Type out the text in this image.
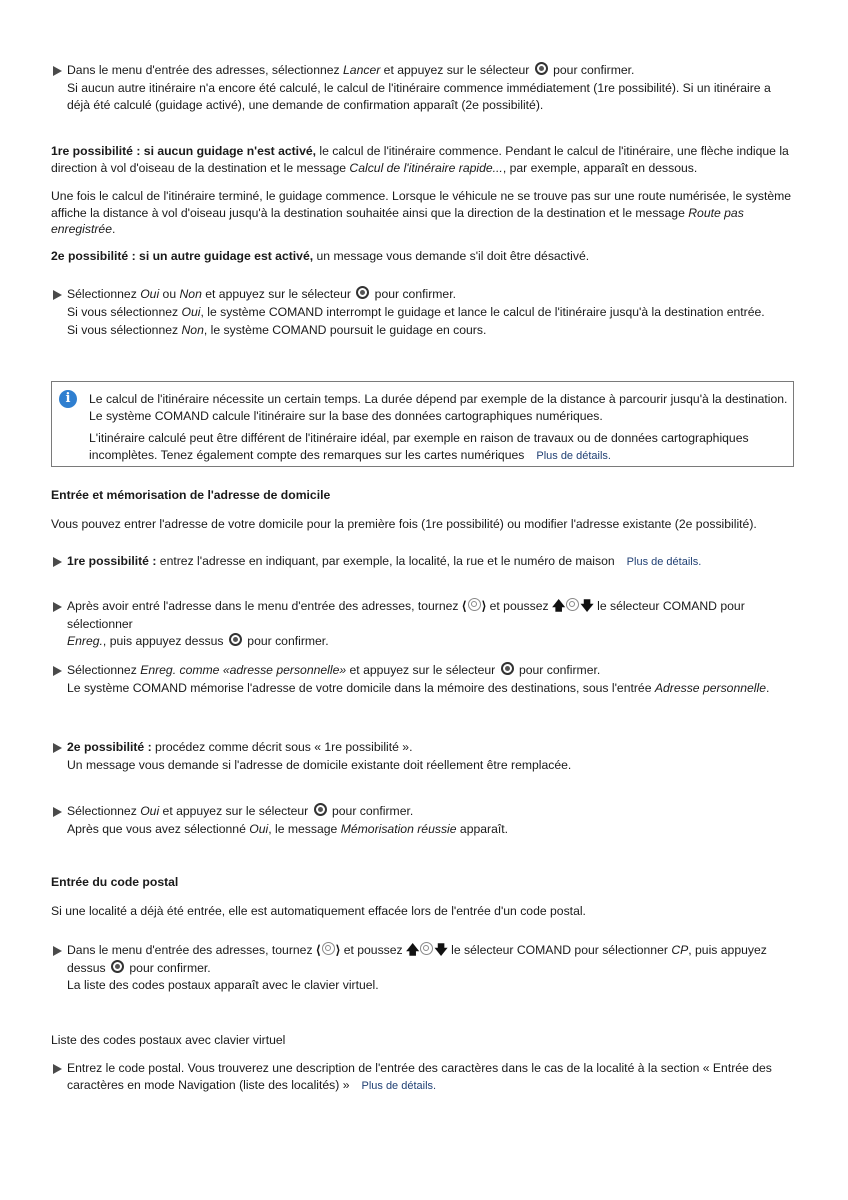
Dans le menu d'entrée des adresses, sélectionnez Lancer et appuyez sur le sélecteur  pour confirmer.

Si aucun autre itinéraire n'a encore été calculé, le calcul de l'itinéraire commence immédiatement (1re possibilité). Si un itinéraire a déjà été calculé (guidage activé), une demande de confirmation apparaît (2e possibilité).

1re possibilité : si aucun guidage n'est activé, le calcul de l'itinéraire commence. Pendant le calcul de l'itinéraire, une flèche indique la direction à vol d'oiseau de la destination et le message Calcul de l'itinéraire rapide..., par exemple, apparaît en dessous.

Une fois le calcul de l'itinéraire terminé, le guidage commence. Lorsque le véhicule ne se trouve pas sur une route numérisée, le système affiche la distance à vol d'oiseau jusqu'à la destination souhaitée ainsi que la direction de la destination et le message Route pas enregistrée.

2e possibilité : si un autre guidage est activé, un message vous demande s'il doit être désactivé.

Sélectionnez Oui ou Non et appuyez sur le sélecteur  pour confirmer.

Si vous sélectionnez Oui, le système COMAND interrompt le guidage et lance le calcul de l'itinéraire jusqu'à la destination entrée.

Si vous sélectionnez Non, le système COMAND poursuit le guidage en cours.

i	Le calcul de l'itinéraire nécessite un certain temps. La durée dépend par exemple de la distance à parcourir jusqu'à la destination. Le système COMAND calcule l'itinéraire sur la base des données cartographiques numériques.

L'itinéraire calculé peut être différent de l'itinéraire idéal, par exemple en raison de travaux ou de données cartographiques incomplètes. Tenez également compte des remarques sur les cartes numériques Plus de détails.

Entrée et mémorisation de l'adresse de domicile

Vous pouvez entrer l'adresse de votre domicile pour la première fois (1re possibilité) ou modifier l'adresse existante (2e possibilité).

1re possibilité : entrez l'adresse en indiquant, par exemple, la localité, la rue et le numéro de maison Plus de détails.

Après avoir entré l'adresse dans le menu d'entrée des adresses, tournez ⟨ ⟩ et poussez 🡅 🡇 le sélecteur COMAND pour sélectionner

Enreg., puis appuyez dessus  pour confirmer.

Sélectionnez Enreg. comme «adresse personnelle» et appuyez sur le sélecteur  pour confirmer.

Le système COMAND mémorise l'adresse de votre domicile dans la mémoire des destinations, sous l'entrée Adresse personnelle.

2e possibilité : procédez comme décrit sous « 1re possibilité ».

Un message vous demande si l'adresse de domicile existante doit réellement être remplacée.

Sélectionnez Oui et appuyez sur le sélecteur  pour confirmer.

Après que vous avez sélectionné Oui, le message Mémorisation réussie apparaît.

Entrée du code postal

Si une localité a déjà été entrée, elle est automatiquement effacée lors de l'entrée d'un code postal.

Dans le menu d'entrée des adresses, tournez ⟨ ⟩ et poussez 🡅 🡇 le sélecteur COMAND pour sélectionner CP, puis appuyez dessus  pour confirmer.

La liste des codes postaux apparaît avec le clavier virtuel.

Liste des codes postaux avec clavier virtuel

Entrez le code postal. Vous trouverez une description de l'entrée des caractères dans le cas de la localité à la section « Entrée des caractères en mode Navigation (liste des localités) » Plus de détails.
